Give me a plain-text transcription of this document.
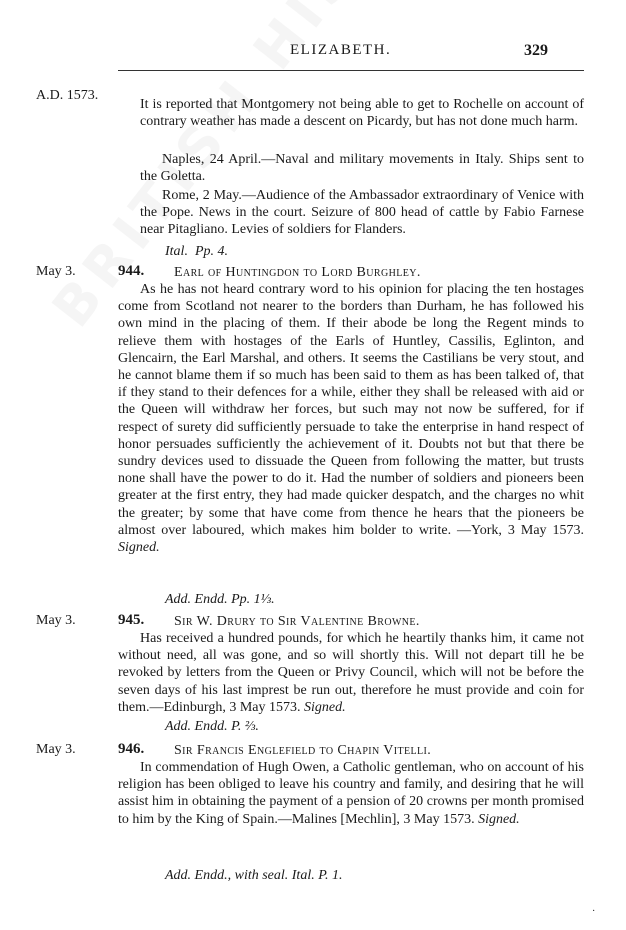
ELIZABETH.	329
A.D. 1573.

It is reported that Montgomery not being able to get to Rochelle on account of contrary weather has made a descent on Picardy, but has not done much harm.

Naples, 24 April.—Naval and military movements in Italy. Ships sent to the Goletta.

Rome, 2 May.—Audience of the Ambassador extraordinary of Venice with the Pope. News in the court. Seizure of 800 head of cattle by Fabio Farnese near Pitagliano. Levies of soldiers for Flanders.

Ital. Pp. 4.
May 3.	944. Earl of Huntingdon to Lord Burghley.

As he has not heard contrary word to his opinion for placing the ten hostages come from Scotland not nearer to the borders than Durham, he has followed his own mind in the placing of them. If their abode be long the Regent minds to relieve them with hostages of the Earls of Huntley, Cassilis, Eglinton, and Glencairn, the Earl Marshal, and others. It seems the Castilians be very stout, and he cannot blame them if so much has been said to them as has been talked of, that if they stand to their defences for a while, either they shall be released with aid or the Queen will withdraw her forces, but such may not now be suffered, for if respect of surety did sufficiently persuade to take the enterprise in hand respect of honor persuades sufficiently the achievement of it. Doubts not but that there be sundry devices used to dissuade the Queen from following the matter, but trusts none shall have the power to do it. Had the number of soldiers and pioneers been greater at the first entry, they had made quicker despatch, and the charges no whit the greater; by some that have come from thence he hears that the pioneers be almost over laboured, which makes him bolder to write. —York, 3 May 1573. Signed.

Add. Endd. Pp. 1⅓.
May 3.	945. Sir W. Drury to Sir Valentine Browne.

Has received a hundred pounds, for which he heartily thanks him, it came not without need, all was gone, and so will shortly this. Will not depart till he be revoked by letters from the Queen or Privy Council, which will not be before the seven days of his last imprest be run out, therefore he must provide and coin for them.—Edinburgh, 3 May 1573. Signed.

Add. Endd. P. ⅔.
May 3.	946. Sir Francis Englefield to Chapin Vitelli.

In commendation of Hugh Owen, a Catholic gentleman, who on account of his religion has been obliged to leave his country and family, and desiring that he will assist him in obtaining the payment of a pension of 20 crowns per month promised to him by the King of Spain.—Malines [Mechlin], 3 May 1573. Signed.

Add. Endd., with seal. Ital. P. 1.
·
